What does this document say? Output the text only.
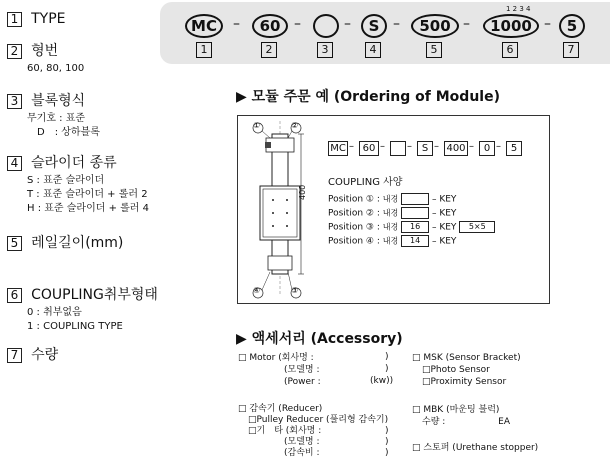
1 TYPE
2 형번
60, 80, 100
3 블록형식
무기호 : 표준
D　: 상하블록
4 슬라이더 종류
S : 표준 슬라이더
T : 표준 슬라이더 + 롤러 2
H : 표준 슬라이더 + 롤러 4
5 레일길이(mm)
6 COUPLING취부형태
0 : 취부없음
1 : COUPLING TYPE
7 수량
1 2 3 4
MC	–	60 –	–	S –	500 –	1000 –	5
1	2	3	4	5	6	7
▶ 모듈 주문 예 (Ordering of Module)
①	②
③
④
400
MC – 60 – – S – 400 – 0 – 5
COUPLING 사양
Position ① : 내경	– KEY
Position ② : 내경	– KEY
Position ③ : 내경 16 – KEY 5×5
Position ④ : 내경 14 – KEY
▶ 액세서리 (Accessory)
□ Motor (회사명 :
(모델명 :
(Power :
)
)
(kw))
□ 감속기 (Reducer)
□Pulley Reducer (풀리형 감속기)
□기　타 (회사명 :
(모델명 :
(감속비 :
)
)
)
□ MSK (Sensor Bracket)
□Photo Sensor
□Proximity Sensor
□ MBK (마운팅 블럭)
수량 :	EA
□ 스토퍼 (Urethane stopper)
